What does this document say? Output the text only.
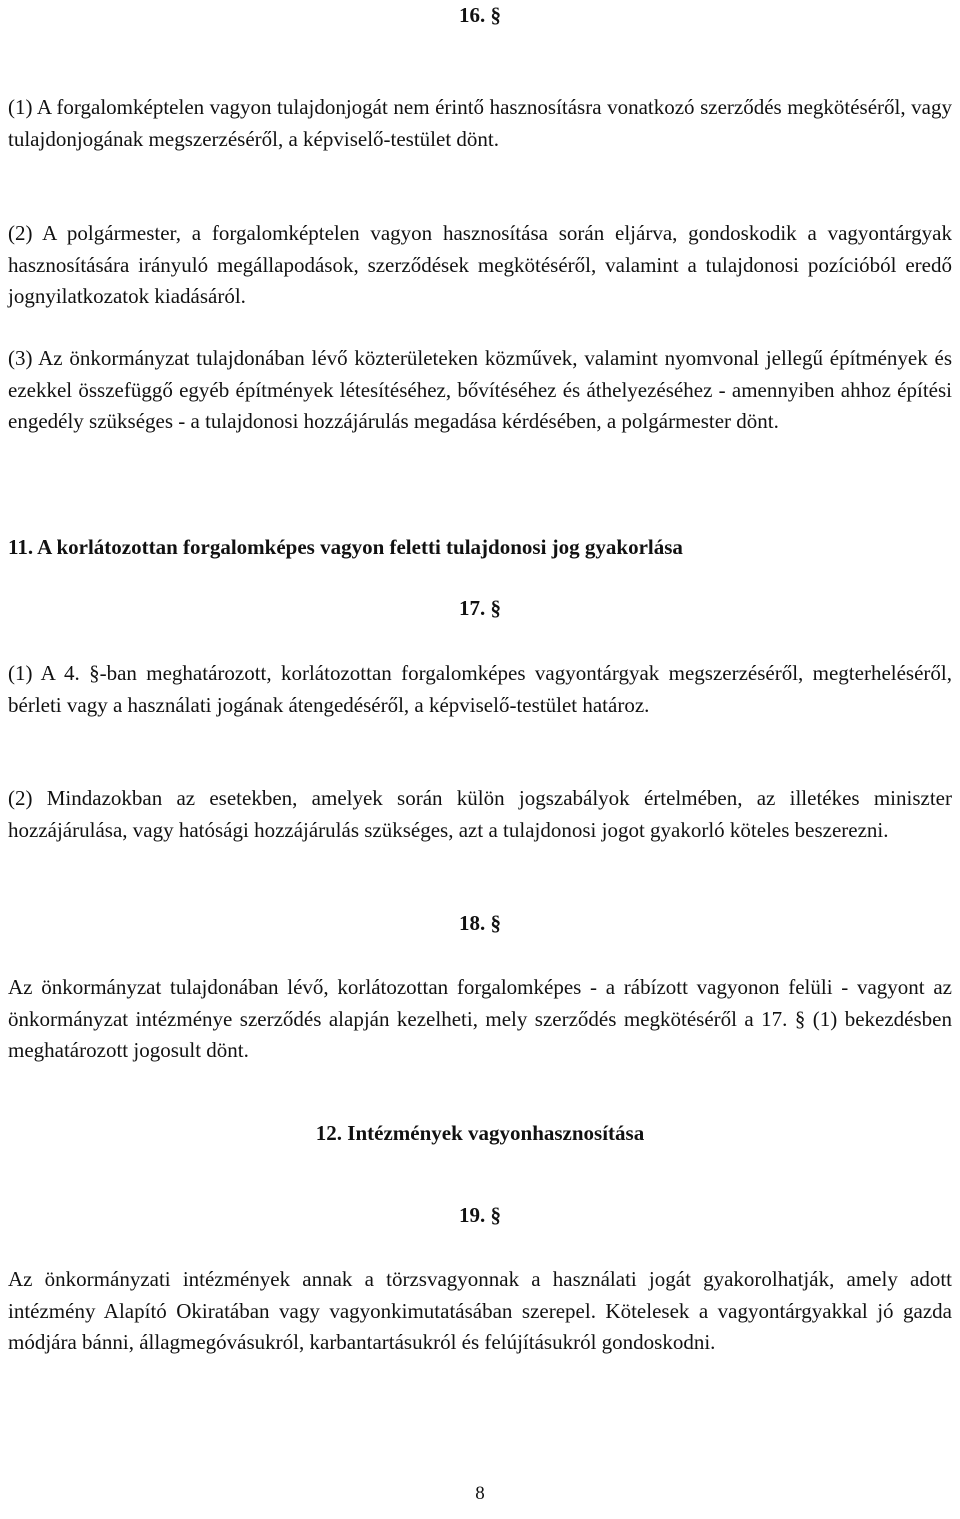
16. §
(1) A forgalomképtelen vagyon tulajdonjogát nem érintő hasznosításra vonatkozó szerződés megkötéséről, vagy tulajdonjogának megszerzéséről, a képviselő-testület dönt.
(2) A polgármester, a forgalomképtelen vagyon hasznosítása során eljárva, gondoskodik a vagyontárgyak hasznosítására irányuló megállapodások, szerződések megkötéséről, valamint a tulajdonosi pozícióból eredő jognyilatkozatok kiadásáról.
(3) Az önkormányzat tulajdonában lévő közterületeken közművek, valamint nyomvonal jellegű építmények és ezekkel összefüggő egyéb építmények létesítéséhez, bővítéséhez és áthelyezéséhez - amennyiben ahhoz építési engedély szükséges - a tulajdonosi hozzájárulás megadása kérdésében, a polgármester dönt.
11. A korlátozottan forgalomképes vagyon feletti tulajdonosi jog gyakorlása
17. §
(1) A 4. §-ban meghatározott, korlátozottan forgalomképes vagyontárgyak megszerzéséről, megterheléséről, bérleti vagy a használati jogának átengedéséről, a képviselő-testület határoz.
(2) Mindazokban az esetekben, amelyek során külön jogszabályok értelmében, az illetékes miniszter hozzájárulása, vagy hatósági hozzájárulás szükséges, azt a tulajdonosi jogot gyakorló köteles beszerezni.
18. §
Az önkormányzat tulajdonában lévő, korlátozottan forgalomképes - a rábízott vagyonon felüli - vagyont az önkormányzat intézménye szerződés alapján kezelheti, mely szerződés megkötéséről a 17. § (1) bekezdésben meghatározott jogosult dönt.
12. Intézmények vagyonhasznosítása
19. §
Az önkormányzati intézmények annak a törzsvagyonnak a használati jogát gyakorolhatják, amely adott intézmény Alapító Okiratában vagy vagyonkimutatásában szerepel. Kötelesek a vagyontárgyakkal jó gazda módjára bánni, állagmegóvásukról, karbantartásukról és felújításukról gondoskodni.
8
